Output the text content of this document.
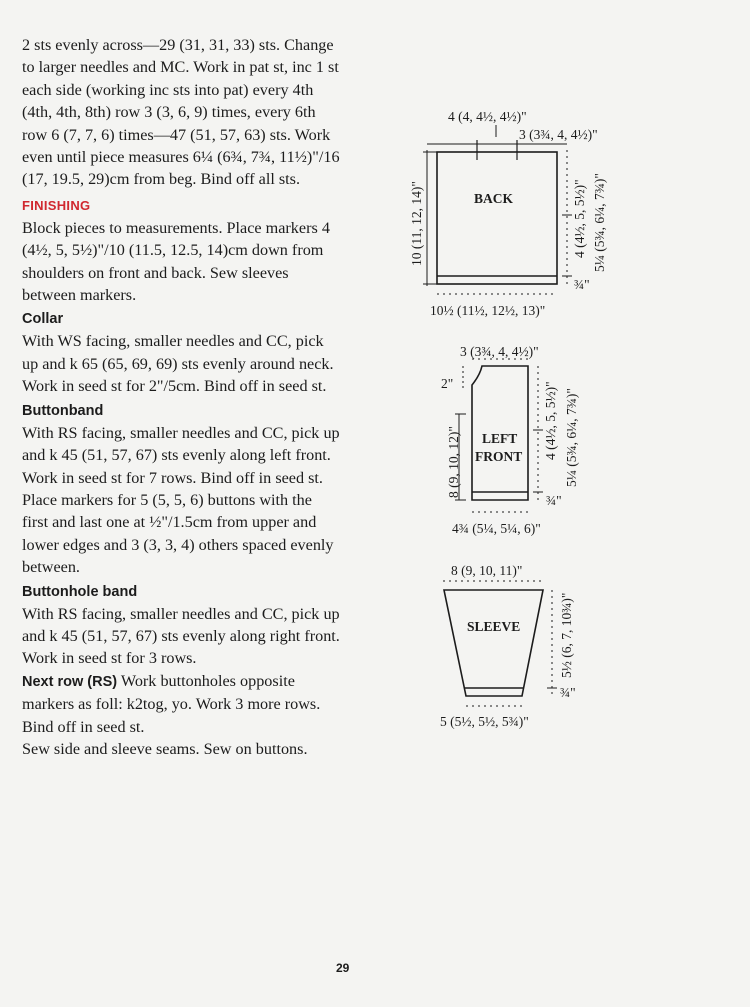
2 sts evenly across—29 (31, 31, 33) sts. Change to larger needles and MC. Work in pat st, inc 1 st each side (working inc sts into pat) every 4th (4th, 4th, 8th) row 3 (3, 6, 9) times, every 6th row 6 (7, 7, 6) times—47 (51, 57, 63) sts. Work even until piece measures 6¼ (6¾, 7¾, 11½)"/16 (17, 19.5, 29)cm from beg. Bind off all sts.

FINISHING

Block pieces to measurements. Place markers 4 (4½, 5, 5½)"/10 (11.5, 12.5, 14)cm down from shoulders on front and back. Sew sleeves between markers.

Collar

With WS facing, smaller needles and CC, pick up and k 65 (65, 69, 69) sts evenly around neck. Work in seed st for 2"/5cm. Bind off in seed st.

Buttonband

With RS facing, smaller needles and CC, pick up and k 45 (51, 57, 67) sts evenly along left front. Work in seed st for 7 rows. Bind off in seed st. Place markers for 5 (5, 5, 6) buttons with the first and last one at ½"/1.5cm from upper and lower edges and 3 (3, 3, 4) others spaced evenly between.

Buttonhole band

With RS facing, smaller needles and CC, pick up and k 45 (51, 57, 67) sts evenly along right front. Work in seed st for 3 rows.

Next row (RS) Work buttonholes opposite markers as foll: k2tog, yo. Work 3 more rows. Bind off in seed st.

Sew side and sleeve seams. Sew on buttons.

BACK
4 (4, 4½, 4½)"
3 (3¾, 4, 4½)"
10 (11, 12, 14)"	4 (4½, 5, 5½)" 5¼ (5¾, 6¼, 7¾)"
¾"
10½ (11½, 12½, 13)"
LEFT
FRONT
3 (3¾, 4, 4½)"
2"
8 (9, 10, 12)"
4 (4½, 5, 5½)" 5¼ (5¾, 6¼, 7¾)"
¾"
4¾ (5¼, 5¼, 6)"
SLEEVE
8 (9, 10, 11)"
5½ (6, 7, 10¾)"
¾"
5 (5½, 5½, 5¾)"
29
